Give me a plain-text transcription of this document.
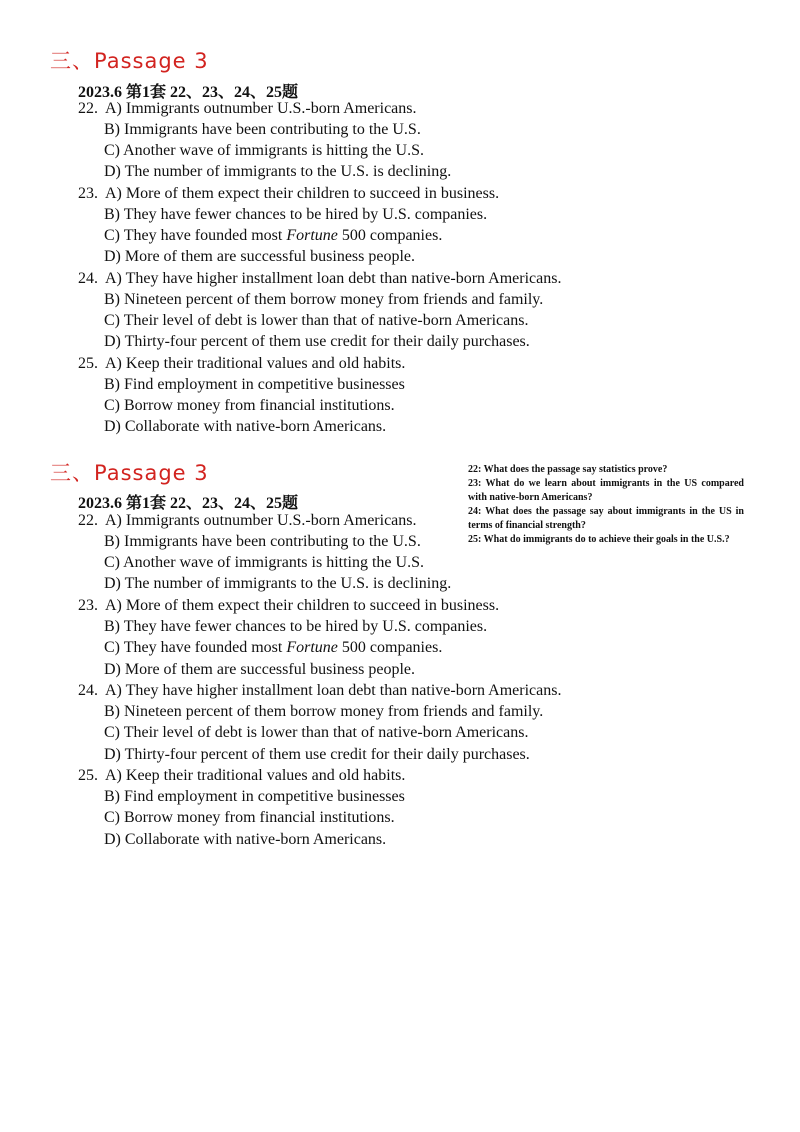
三、Passage 3
2023.6 第1套 22、23、24、25题
22. A) Immigrants outnumber U.S.-born Americans.
B) Immigrants have been contributing to the U.S.
C) Another wave of immigrants is hitting the U.S.
D) The number of immigrants to the U.S. is declining.
23. A) More of them expect their children to succeed in business.
B) They have fewer chances to be hired by U.S. companies.
C) They have founded most Fortune 500 companies.
D) More of them are successful business people.
24. A) They have higher installment loan debt than native-born Americans.
B) Nineteen percent of them borrow money from friends and family.
C) Their level of debt is lower than that of native-born Americans.
D) Thirty-four percent of them use credit for their daily purchases.
25. A) Keep their traditional values and old habits.
B) Find employment in competitive businesses
C) Borrow money from financial institutions.
D) Collaborate with native-born Americans.
三、Passage 3
2023.6 第1套 22、23、24、25题
22. A) Immigrants outnumber U.S.-born Americans.
B) Immigrants have been contributing to the U.S.
C) Another wave of immigrants is hitting the U.S.
D) The number of immigrants to the U.S. is declining.
23. A) More of them expect their children to succeed in business.
B) They have fewer chances to be hired by U.S. companies.
C) They have founded most Fortune 500 companies.
D) More of them are successful business people.
24. A) They have higher installment loan debt than native-born Americans.
B) Nineteen percent of them borrow money from friends and family.
C) Their level of debt is lower than that of native-born Americans.
D) Thirty-four percent of them use credit for their daily purchases.
25. A) Keep their traditional values and old habits.
B) Find employment in competitive businesses
C) Borrow money from financial institutions.
D) Collaborate with native-born Americans.

22: What does the passage say statistics prove?

23: What do we learn about immigrants in the US compared with native-born Americans?

24: What does the passage say about immigrants in the US in terms of financial strength?

25: What do immigrants do to achieve their goals in the U.S.?
